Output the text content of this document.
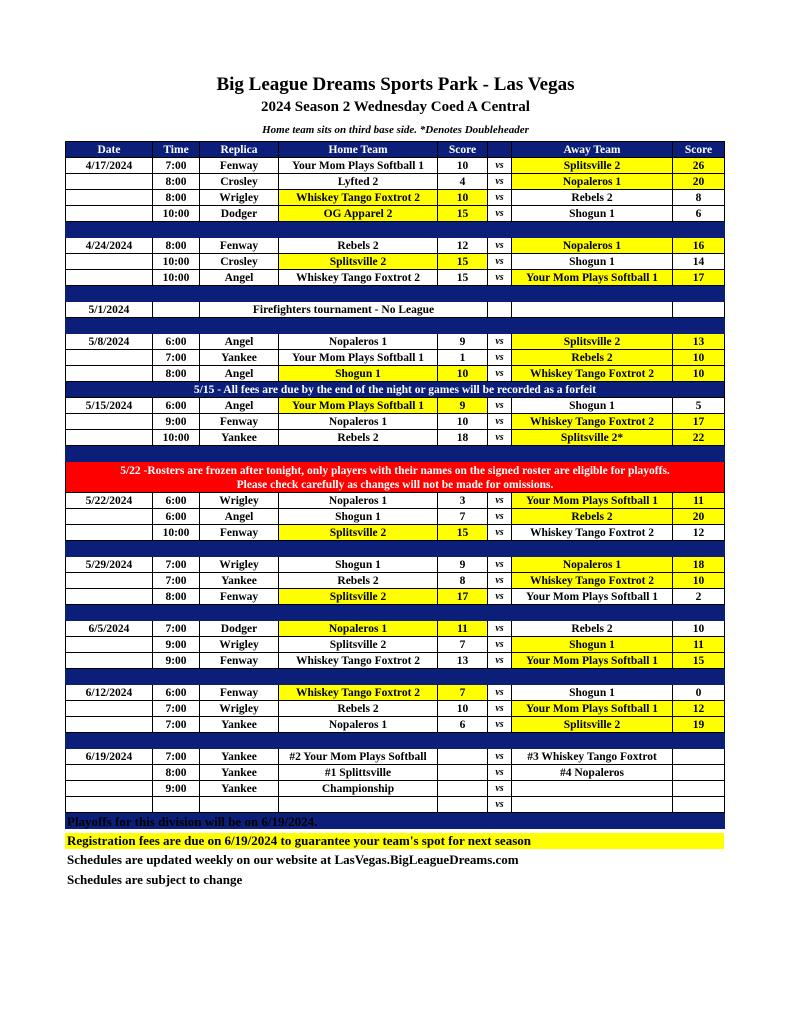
Big League Dreams Sports Park - Las Vegas
2024 Season 2 Wednesday Coed A Central
Home team sits on third base side. *Denotes Doubleheader
Date	Time	Replica	Home Team	Score		Away Team	Score
4/17/2024	7:00	Fenway	Your Mom Plays Softball 1	10	vs	Splitsville 2	26
	8:00	Crosley	Lyfted 2	4	vs	Nopaleros 1	20
	8:00	Wrigley	Whiskey Tango Foxtrot 2	10	vs	Rebels 2	8
	10:00	Dodger	OG Apparel 2	15	vs	Shogun 1	6

4/24/2024	8:00	Fenway	Rebels 2	12	vs	Nopaleros 1	16
	10:00	Crosley	Splitsville 2	15	vs	Shogun 1	14
	10:00	Angel	Whiskey Tango Foxtrot 2	15	vs	Your Mom Plays Softball 1	17

5/1/2024		Firefighters tournament - No League					

5/8/2024	6:00	Angel	Nopaleros 1	9	vs	Splitsville 2	13
	7:00	Yankee	Your Mom Plays Softball 1	1	vs	Rebels 2	10
	8:00	Angel	Shogun 1	10	vs	Whiskey Tango Foxtrot 2	10
5/15 - All fees are due by the end of the night or games will be recorded as a forfeit							
5/15/2024	6:00	Angel	Your Mom Plays Softball 1	9	vs	Shogun 1	5
	9:00	Fenway	Nopaleros 1	10	vs	Whiskey Tango Foxtrot 2	17
	10:00	Yankee	Rebels 2	18	vs	Splitsville 2*	22

5/22 -Rosters are frozen after tonight, only players with their names on the signed roster are eligible for playoffs.
Please check carefully as changes will not be made for omissions.							

5/22/2024	6:00	Wrigley	Nopaleros 1	3	vs	Your Mom Plays Softball 1	11
	6:00	Angel	Shogun 1	7	vs	Rebels 2	20
	10:00	Fenway	Splitsville 2	15	vs	Whiskey Tango Foxtrot 2	12

5/29/2024	7:00	Wrigley	Shogun 1	9	vs	Nopaleros 1	18
	7:00	Yankee	Rebels 2	8	vs	Whiskey Tango Foxtrot 2	10
	8:00	Fenway	Splitsville 2	17	vs	Your Mom Plays Softball 1	2

6/5/2024	7:00	Dodger	Nopaleros 1	11	vs	Rebels 2	10
	9:00	Wrigley	Splitsville 2	7	vs	Shogun 1	11
	9:00	Fenway	Whiskey Tango Foxtrot 2	13	vs	Your Mom Plays Softball 1	15

6/12/2024	6:00	Fenway	Whiskey Tango Foxtrot 2	7	vs	Shogun 1	0
	7:00	Wrigley	Rebels 2	10	vs	Your Mom Plays Softball 1	12
	7:00	Yankee	Nopaleros 1	6	vs	Splitsville 2	19

6/19/2024	7:00	Yankee	#2 Your Mom Plays Softball		vs	#3 Whiskey Tango Foxtrot	
	8:00	Yankee	#1 Splittsville		vs	#4 Nopaleros	
	9:00	Yankee	Championship		vs		
					vs		

Playoffs for this division will be on 6/19/2024.
Registration fees are due on 6/19/2024 to guarantee your team's spot for next season
Schedules are updated weekly on our website at LasVegas.BigLeagueDreams.com
Schedules are subject to change
